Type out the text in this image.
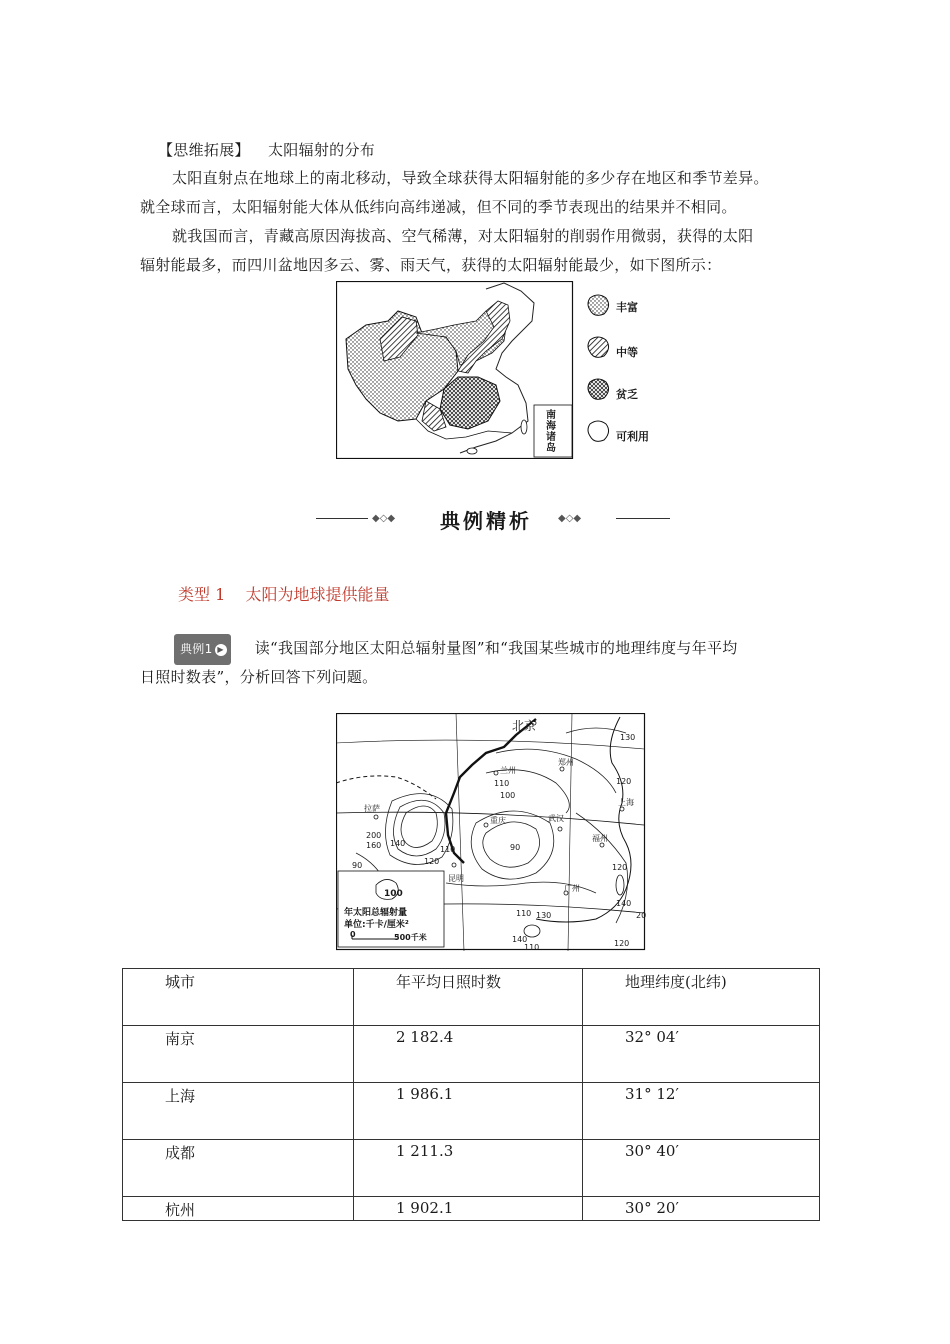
【思维拓展】 太阳辐射的分布
太阳直射点在地球上的南北移动，导致全球获得太阳辐射能的多少存在地区和季节差异。
就全球而言，太阳辐射能大体从低纬向高纬递减，但不同的季节表现出的结果并不相同。
就我国而言，青藏高原因海拔高、空气稀薄，对太阳辐射的削弱作用微弱，获得的太阳
辐射能最多，而四川盆地因多云、雾、雨天气，获得的太阳辐射能最少，如下图所示：
南海诸岛
丰富
中等
贫乏
可利用
◆◇◆ 典例精析	◆◇◆
类型 1 太阳为地球提供能量
典例1 ▶ 读“我国部分地区太阳总辐射量图”和“我国某些城市的地理纬度与年平均
日照时数表”，分析回答下列问题。
北京
兰州
郑州
拉萨
重庆	武汉
上海
昆明
福州
广州
130
120
100
110
200
160
90
140
110
120
90
110 130
140
110
120
140
120
20
100
年太阳总辐射量
单位:千卡/厘米²
0	500千米
城市	年平均日照时数	地理纬度(北纬)
南京	2 182.4	32° 04′
上海	1 986.1	31° 12′
成都	1 211.3	30° 40′
杭州	1 902.1	30° 20′
